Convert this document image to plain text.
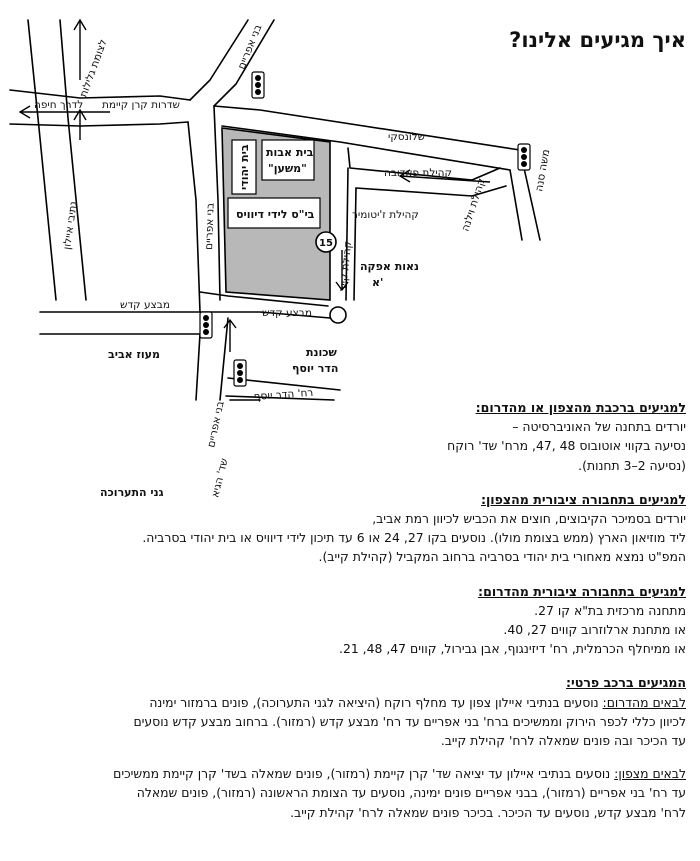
איך מגיעים אלינו?
15
לצומת גלילות	בני אפריים
שדרות קרן קיימת
לדרך חיפה
נתיבי איילון
שלונסקי
משה סנה
קהילת פאדובה
קהילת וילנה
קהילת ז'יטומיר
קהילת קייב
בני אפריים
מבצע קדש
מבצע קדש
רח' הדר יוסף
בני אפריים
שד' הגיא
בית אבות
"משען"
בית יהודי
בי"ס לידי דיוויס
נאות אפקה
א'
מעוז אביב	שכונת
הדר יוסף
גני התערוכה
למגיעים ברכבת מהצפון או מהדרום:

יורדים בתחנה של האוניברסיטה –

נסיעה בקווי אוטובוס 48 ,47, מרח' שד' רוקח

(נסיעה 2–3 תחנות).

למגיעים בתחבורה ציבורית מהצפון:

יורדים בסמיכר הקיבוצים, חוצים את הכביש לכיוון רמת אביב,

ליד מוזיאון הארץ (ממש בצומת מולו). נוסעים בקו 27, 24 או 6 עד תיכון לידי דיוויס או בית יהודי בסרביה.

המפ"ט נמצא מאחורי בית יהודי בסרביה ברחוב המקביל (קהילת קייב).

למגיעים בתחבורה ציבורית מהדרום:

מתחנה מרכזית בת"א קו 27.

או מתחנת ארלוזרוב קווים 27, 40.

או ממיחלף הכרמלית, רח' דיזינגוף, אבן גבירול, קווים 47, 48, 21.

המגיעים ברכב פרטי:

לבאים מהדרום: נוסעים בנתיבי איילון צפון עד מחלף רוקח (היציאה לגני התערוכה), פונים ברמזור ימינה

לכיוון כללי לכפר הירוק וממשיכים ברח' בני אפריים עד רח' מבצע קדש (רמזור). ברחוב מבצע קדש נוסעים

עד הכיכר ובה פונים שמאלה לרח' קהילת קייב.

לבאים מצפון: נוסעים בנתיבי איילון עד יציאה שד' קרן קיימת (רמזור), פונים שמאלה בשד' קרן קיימת ממשיכים

עד רח' בני אפריים (רמזור), בבני אפריים פונים ימינה, נוסעים עד הצומת הראשונה (רמזור), פונים שמאלה

לרח' מבצע קדש, נוסעים עד הכיכר. בכיכר פונים שמאלה לרח' קהילת קייב.
